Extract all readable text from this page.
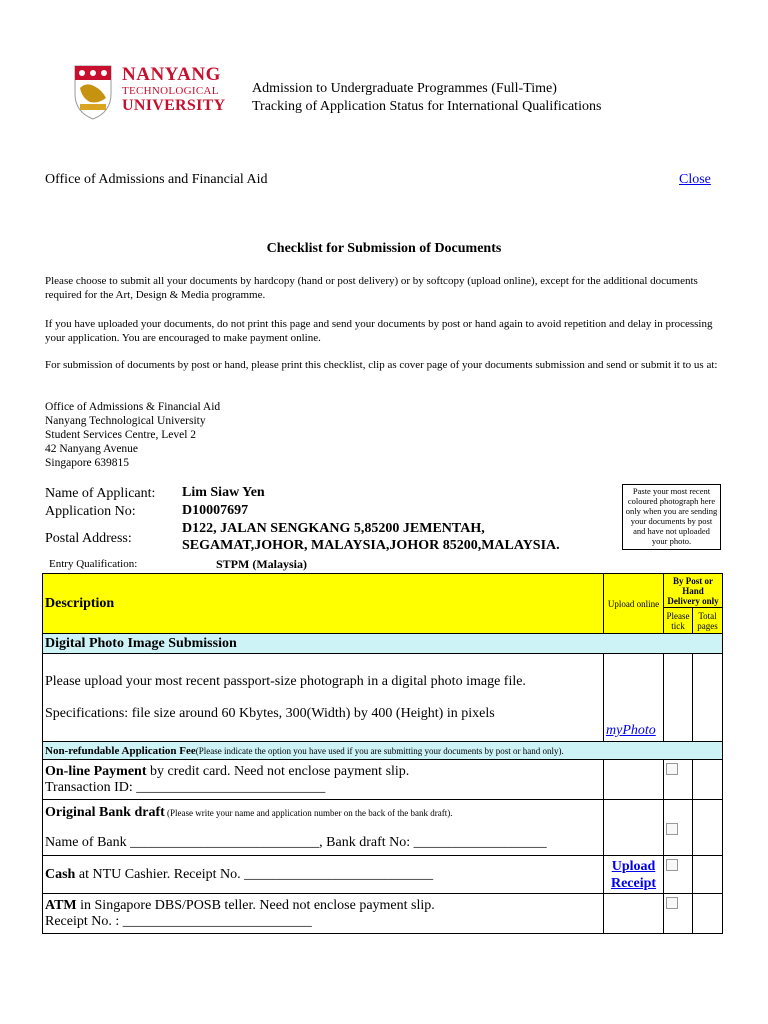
NANYANG
TECHNOLOGICAL
UNIVERSITY
Admission to Undergraduate Programmes (Full-Time)
Tracking of Application Status for International Qualifications
Office of Admissions and Financial Aid	Close
Checklist for Submission of Documents
Please choose to submit all your documents by hardcopy (hand or post delivery) or by softcopy (upload online), except for the additional documents required for the Art, Design & Media programme.
If you have uploaded your documents, do not print this page and send your documents by post or hand again to avoid repetition and delay in processing your application. You are encouraged to make payment online.
For submission of documents by post or hand, please print this checklist, clip as cover page of your documents submission and send or submit it to us at:
Office of Admissions & Financial Aid
Nanyang Technological University
Student Services Centre, Level 2
42 Nanyang Avenue
Singapore 639815
Name of Applicant: Lim Siaw Yen
Application No:	D10007697
Postal Address:
D122, JALAN SENGKANG 5,85200 JEMENTAH,
SEGAMAT,JOHOR, MALAYSIA,JOHOR 85200,MALAYSIA.
Paste your most recent coloured photograph here only when you are sending your documents by post and have not uploaded your photo.
Entry Qualification:	STPM (Malaysia)
Description	Upload online	By Post or Hand Delivery only	
		Please tick	Total pages
Digital Photo Image Submission			

Please upload your most recent passport-size photograph in a digital photo image file.
Specifications: file size around 60 Kbytes, 300(Width) by 400 (Height) in pixels	myPhoto		
Non-refundable Application Fee(Please indicate the option you have used if you are submitting your documents by post or hand only).			

On-line Payment by credit card. Need not enclose payment slip.
Transaction ID: ___________________________			

Original Bank draft (Please write your name and application number on the back of the bank draft).
Name of Bank ___________________________, Bank draft No: ___________________			

Cash at NTU Cashier. Receipt No. ___________________________	Upload Receipt		

ATM in Singapore DBS/POSB teller. Need not enclose payment slip.
Receipt No. : ___________________________			
